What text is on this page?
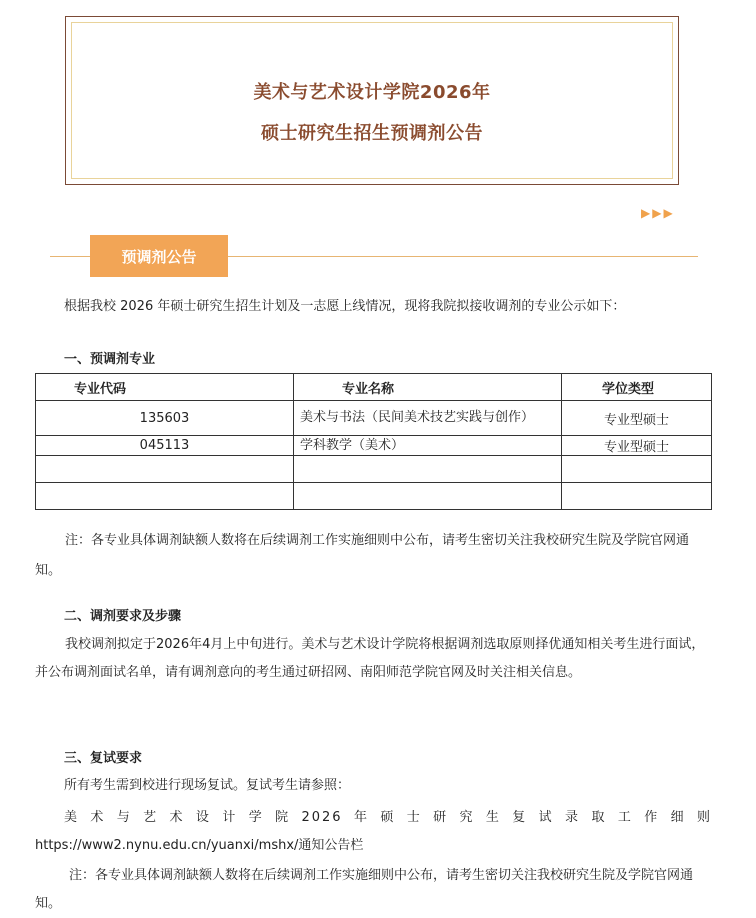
美术与艺术设计学院2026年
硕士研究生招生预调剂公告
▶▶▶
预调剂公告
根据我校 2026 年硕士研究生招生计划及一志愿上线情况，现将我院拟接收调剂的专业公示如下：
一、预调剂专业
专业代码	专业名称	学位类型
135603	美术与书法（民间美术技艺实践与创作）	专业型硕士
045113	学科教学（美术）	专业型硕士

注：各专业具体调剂缺额人数将在后续调剂工作实施细则中公布，请考生密切关注我校研究生院及学院官网通知。
二、调剂要求及步骤
我校调剂拟定于2026年4月上中旬进行。美术与艺术设计学院将根据调剂选取原则择优通知相关考生进行面试，并公布调剂面试名单，请有调剂意向的考生通过研招网、南阳师范学院官网及时关注相关信息。
三、复试要求
所有考生需到校进行现场复试。复试考生请参照：
美术与艺术设计学院2026年硕士研究生复试录取工作细则
https://www2.nynu.edu.cn/yuanxi/mshx/通知公告栏
注：各专业具体调剂缺额人数将在后续调剂工作实施细则中公布，请考生密切关注我校研究生院及学院官网通知。
